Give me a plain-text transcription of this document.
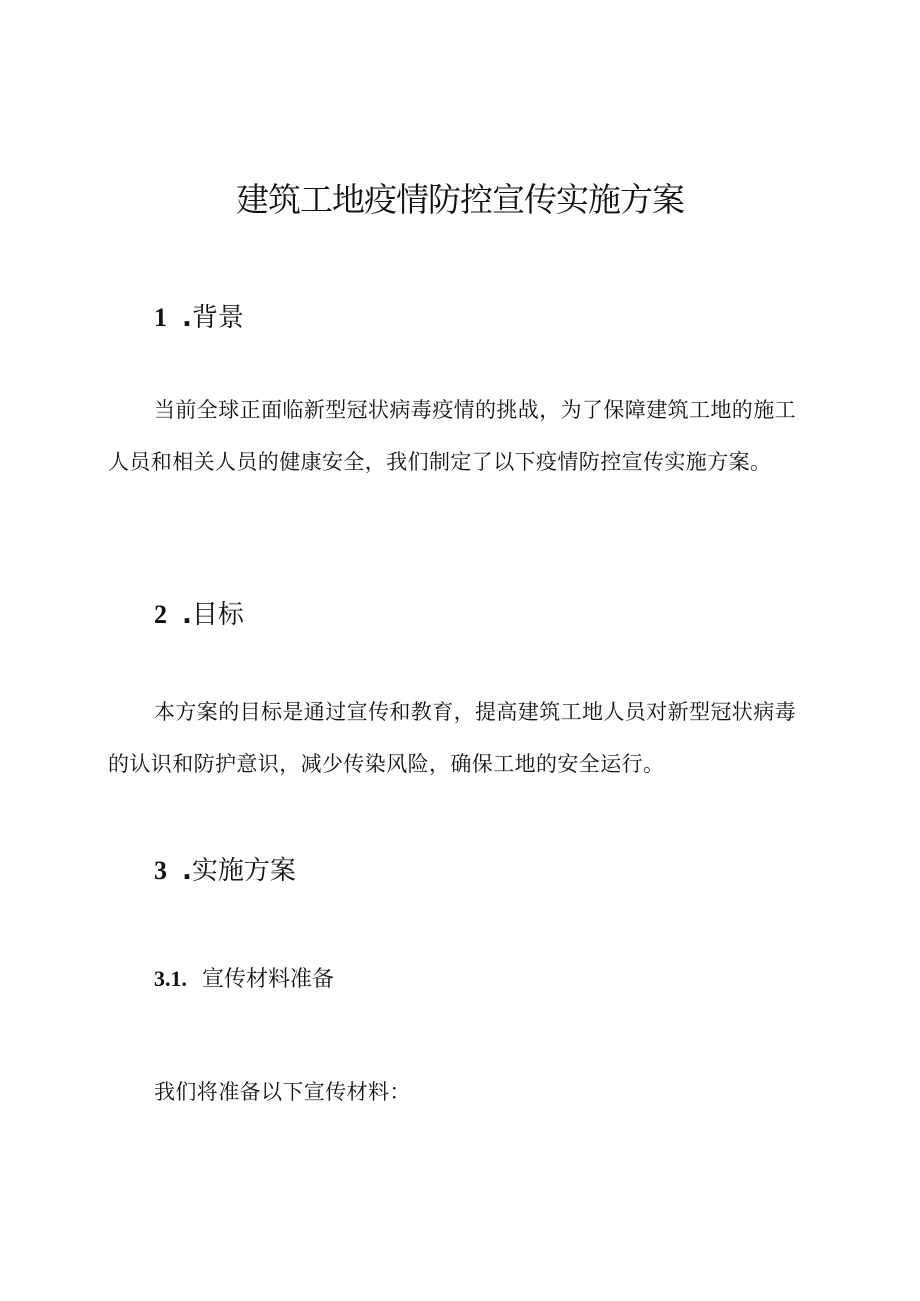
建筑工地疫情防控宣传实施方案
1 .背景

当前全球正面临新型冠状病毒疫情的挑战，为了保障建筑工地的施工人员和相关人员的健康安全，我们制定了以下疫情防控宣传实施方案。

2 .目标

本方案的目标是通过宣传和教育，提高建筑工地人员对新型冠状病毒的认识和防护意识，减少传染风险，确保工地的安全运行。

3 .实施方案
3.1. 宣传材料准备

我们将准备以下宣传材料：
